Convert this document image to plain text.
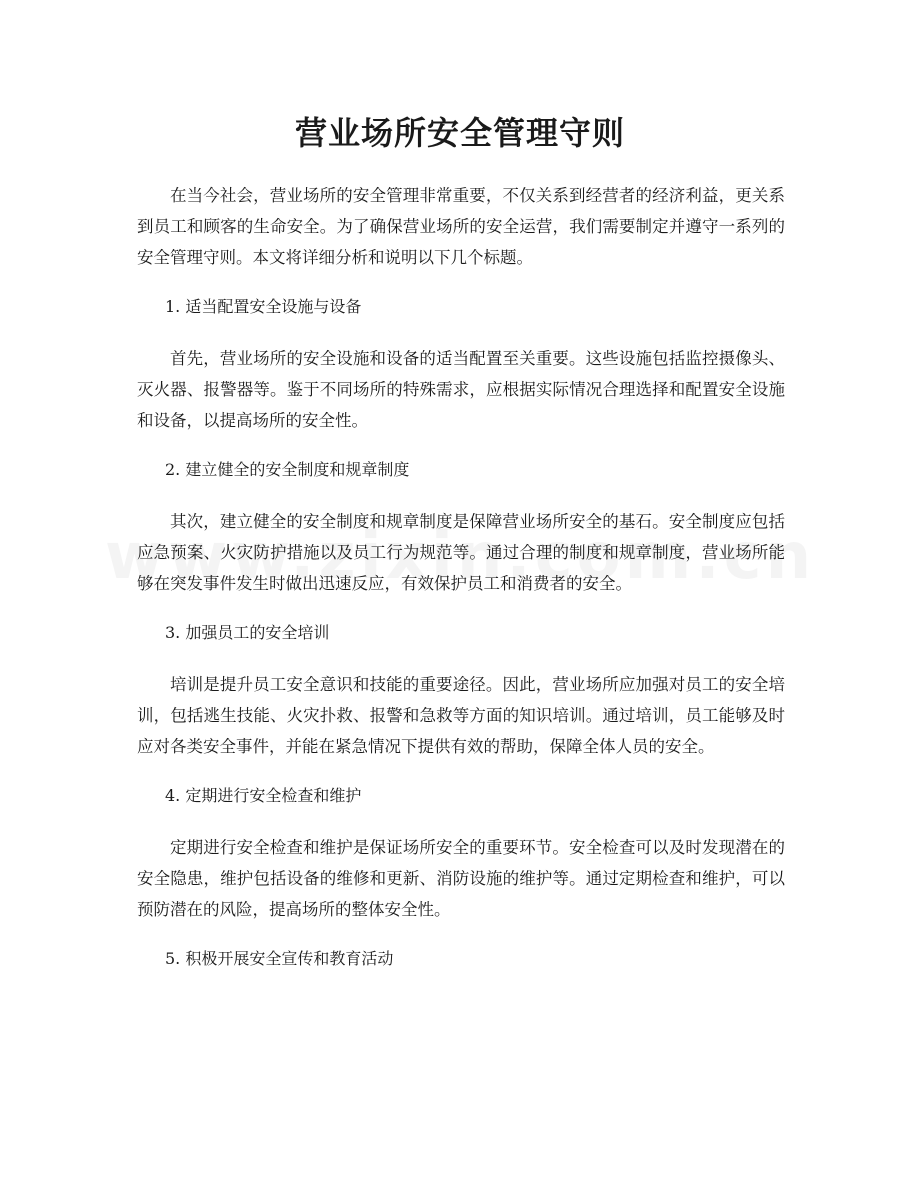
营业场所安全管理守则

在当今社会，营业场所的安全管理非常重要，不仅关系到经营者的经济利益，更关系到员工和顾客的生命安全。为了确保营业场所的安全运营，我们需要制定并遵守一系列的安全管理守则。本文将详细分析和说明以下几个标题。

1. 适当配置安全设施与设备

首先，营业场所的安全设施和设备的适当配置至关重要。这些设施包括监控摄像头、灭火器、报警器等。鉴于不同场所的特殊需求，应根据实际情况合理选择和配置安全设施和设备，以提高场所的安全性。

2. 建立健全的安全制度和规章制度

其次，建立健全的安全制度和规章制度是保障营业场所安全的基石。安全制度应包括应急预案、火灾防护措施以及员工行为规范等。通过合理的制度和规章制度，营业场所能够在突发事件发生时做出迅速反应，有效保护员工和消费者的安全。

3. 加强员工的安全培训

培训是提升员工安全意识和技能的重要途径。因此，营业场所应加强对员工的安全培训，包括逃生技能、火灾扑救、报警和急救等方面的知识培训。通过培训，员工能够及时应对各类安全事件，并能在紧急情况下提供有效的帮助，保障全体人员的安全。

4. 定期进行安全检查和维护

定期进行安全检查和维护是保证场所安全的重要环节。安全检查可以及时发现潜在的安全隐患，维护包括设备的维修和更新、消防设施的维护等。通过定期检查和维护，可以预防潜在的风险，提高场所的整体安全性。

5. 积极开展安全宣传和教育活动
